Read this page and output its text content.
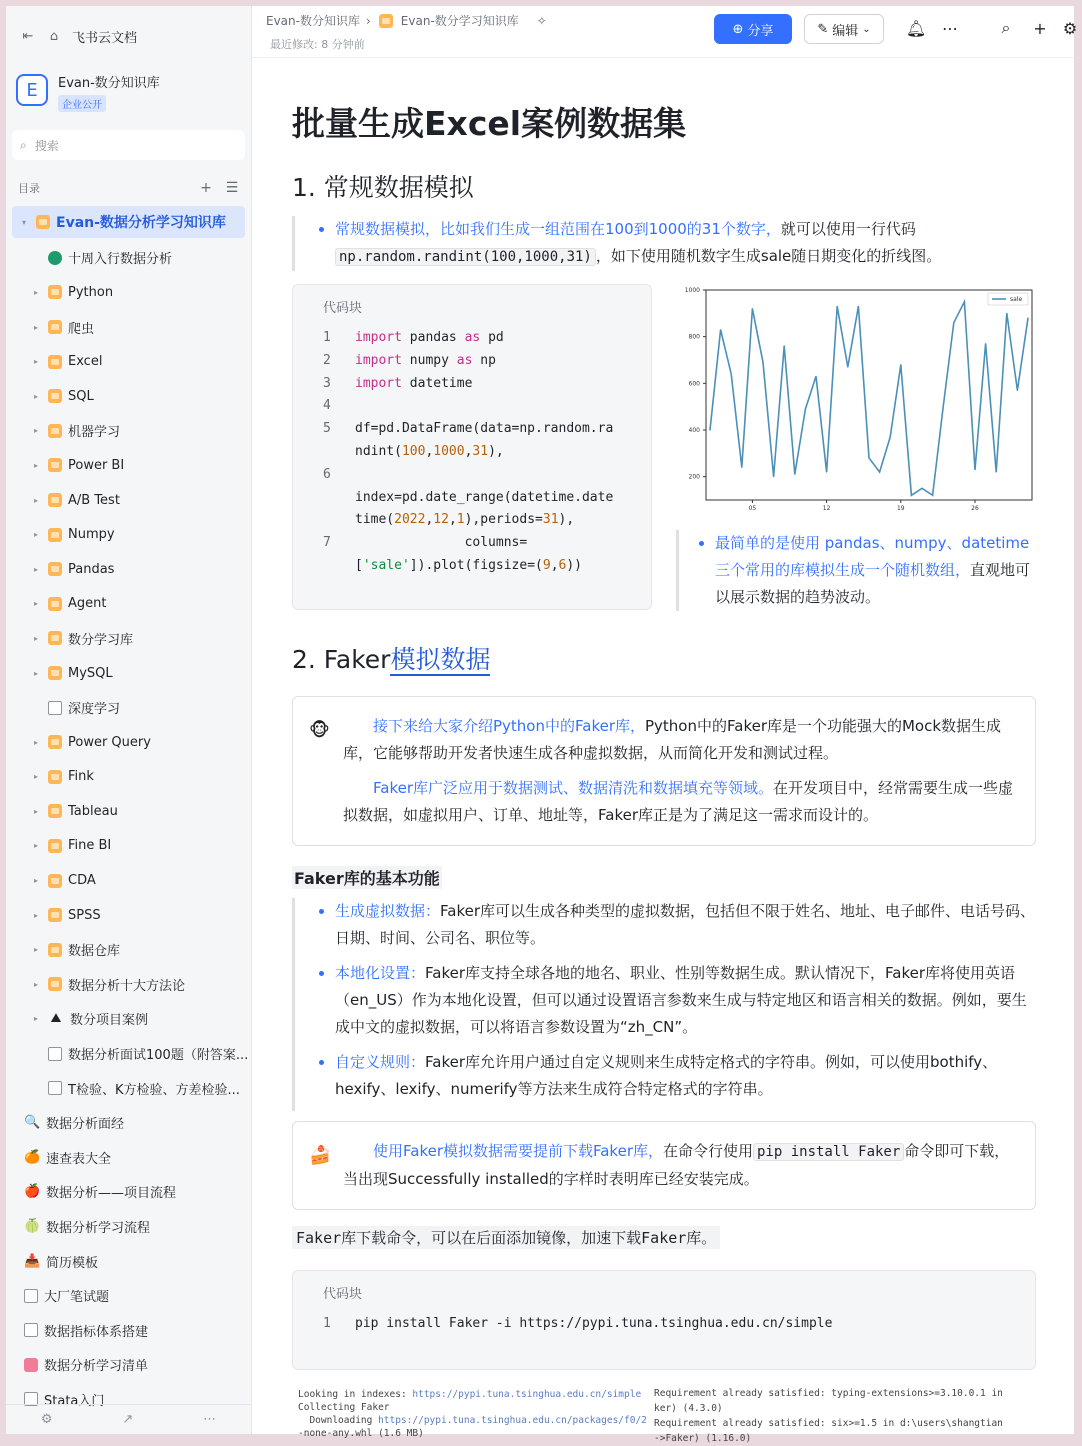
⇤ ⌂ 飞书云文档
E	Evan-数分知识库
企业公开
⌕ 搜索
目录	+ ☰
▾ Evan-数据分析学习知识库
十周入行数据分析
▸	Python
▸	爬虫
▸	Excel
▸	SQL
▸	机器学习
▸	Power BI
▸	A/B Test
▸	Numpy
▸	Pandas
▸	Agent
▸	数分学习库
▸	MySQL
深度学习
▸	Power Query
▸	Fink
▸	Tableau
▸	Fine BI
▸	CDA
▸	SPSS
▸	数据仓库
▸	数据分析十大方法论
▸ ⛰ 数分项目案例
数据分析面试100题（附答案...
T检验、K方检验、方差检验...
🔍 数据分析面经
🍊 速查表大全
🍎 数据分析——项目流程
🍈 数据分析学习流程
📥 简历模板
大厂笔试题
数据指标体系搭建
数据分析学习清单
Stata入门
⚙	↗	⋯
Evan-数分知识库 ›	Evan-数分学习知识库 ✧
最近修改: 8 分钟前
⊕ 分享	✎ 编辑 ⌄ 🔔︎ ⋯	⌕	+	⚙
批量生成Excel案例数据集
1. 常规数据模拟
常规数据模拟，比如我们生成一组范围在100到1000的31个数字，就可以使用一行代码
np.random.randint(100,1000,31) ，如下使用随机数字生成sale随日期变化的折线图。
代码块
1	import pandas as pd
2	import numpy as np
3	import datetime
4
5	df=pd.DataFrame(data=np.random.ra
ndint(100,1000,31),
6
index=pd.date_range(datetime.date
time(2022,12,1),periods=31),
7	columns=
['sale']).plot(figsize=(9,6))
200
400
600
800
1000
05	12	19	26
sale
最简单的是使用 pandas、numpy、datetime三个常用的库模拟生成一个随机数组，直观地可以展示数据的趋势波动。
2. Faker模拟数据
🐵	接下来给大家介绍Python中的Faker库，Python中的Faker库是一个功能强大的Mock数据生成库，它能够帮助开发者快速生成各种虚拟数据，从而简化开发和测试过程。
Faker库广泛应用于数据测试、数据清洗和数据填充等领域。在开发项目中，经常需要生成一些虚拟数据，如虚拟用户、订单、地址等，Faker库正是为了满足这一需求而设计的。
Faker库的基本功能
生成虚拟数据：Faker库可以生成各种类型的虚拟数据，包括但不限于姓名、地址、电子邮件、电话号码、日期、时间、公司名、职位等。
本地化设置：Faker库支持全球各地的地名、职业、性别等数据生成。默认情况下，Faker库将使用英语（en_US）作为本地化设置，但可以通过设置语言参数来生成与特定地区和语言相关的数据。例如，要生成中文的虚拟数据，可以将语言参数设置为“zh_CN”。
自定义规则：Faker库允许用户通过自定义规则来生成特定格式的字符串。例如，可以使用bothify、hexify、lexify、numerify等方法来生成符合特定格式的字符串。
🍰	使用Faker模拟数据需要提前下载Faker库，在命令行使用 pip install Faker 命令即可下载，当出现Successfully installed的字样时表明库已经安装完成。
Faker库下载命令，可以在后面添加镜像，加速下载Faker库。
代码块
1	pip install Faker -i https://pypi.tuna.tsinghua.edu.cn/simple
Looking in indexes: https://pypi.tuna.tsinghua.edu.cn/simple
Collecting Faker
Downloading https://pypi.tuna.tsinghua.edu.cn/packages/f0/2
-none-any.whl (1.6 MB)
Requirement already satisfied: typing-extensions>=3.10.0.1 in
ker) (4.3.0)
Requirement already satisfied: six>=1.5 in d:\users\shangtian
->Faker) (1.16.0)
